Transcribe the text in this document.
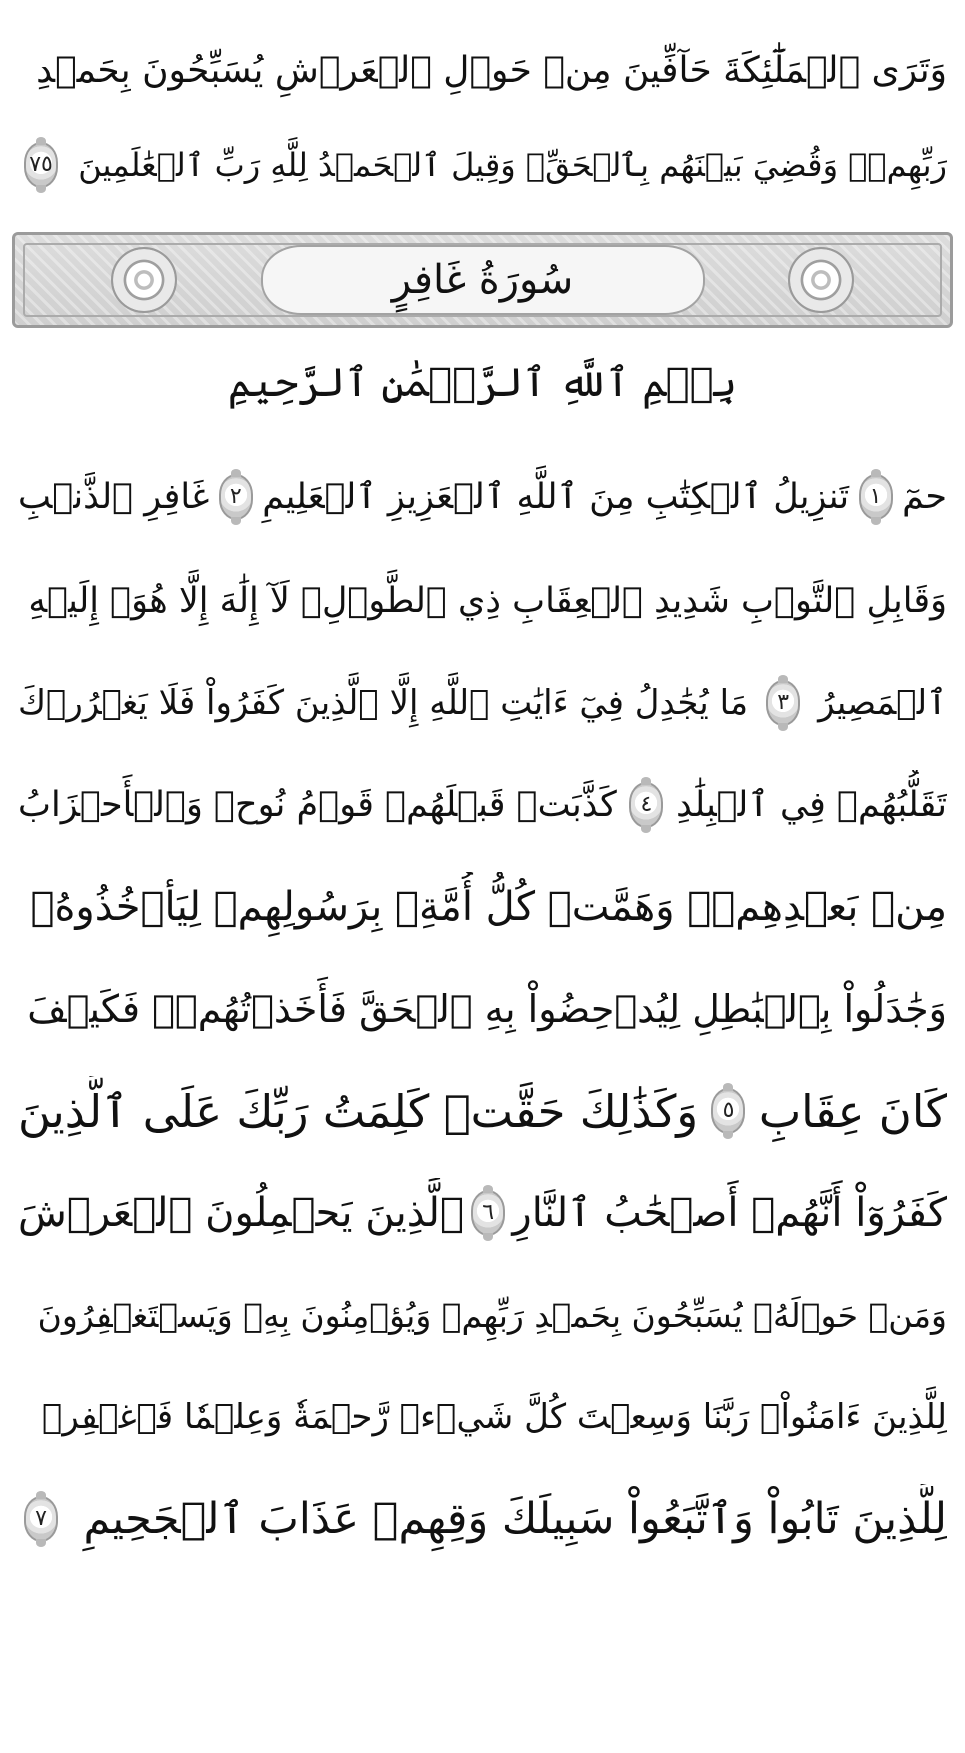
وَتَرَى ٱلۡمَلَٰٓئِكَةَ حَآفِّينَ مِنۡ حَوۡلِ ٱلۡعَرۡشِ يُسَبِّحُونَ بِحَمۡدِ
رَبِّهِمۡۚ وَقُضِيَ بَيۡنَهُم بِٱلۡحَقِّۚ وَقِيلَ ٱلۡحَمۡدُ لِلَّهِ رَبِّ ٱلۡعَٰلَمِينَ
٧٥
سُورَةُ غَافِرٍ
بِسۡمِ ٱللَّهِ ٱلرَّحۡمَٰنِ ٱلرَّحِيمِ
حمٓ
١
تَنزِيلُ ٱلۡكِتَٰبِ مِنَ ٱللَّهِ ٱلۡعَزِيزِ ٱلۡعَلِيمِ
٢
غَافِرِ ٱلذَّنۢبِ
وَقَابِلِ ٱلتَّوۡبِ شَدِيدِ ٱلۡعِقَابِ ذِي ٱلطَّوۡلِۖ لَآ إِلَٰهَ إِلَّا هُوَۖ إِلَيۡهِ
ٱلۡمَصِيرُ
٣
مَا يُجَٰدِلُ فِيٓ ءَايَٰتِ ٱللَّهِ إِلَّا ٱلَّذِينَ كَفَرُواْ فَلَا يَغۡرُرۡكَ
تَقَلُّبُهُمۡ فِي ٱلۡبِلَٰدِ
٤
كَذَّبَتۡ قَبۡلَهُمۡ قَوۡمُ نُوحٖ وَٱلۡأَحۡزَابُ
مِنۢ بَعۡدِهِمۡۖ وَهَمَّتۡ كُلُّ أُمَّةِۭ بِرَسُولِهِمۡ لِيَأۡخُذُوهُۖ
وَجَٰدَلُواْ بِٱلۡبَٰطِلِ لِيُدۡحِضُواْ بِهِ ٱلۡحَقَّ فَأَخَذۡتُهُمۡۖ فَكَيۡفَ
كَانَ عِقَابِ
٥
وَكَذَٰلِكَ حَقَّتۡ كَلِمَتُ رَبِّكَ عَلَى ٱلَّذِينَ
كَفَرُوٓاْ أَنَّهُمۡ أَصۡحَٰبُ ٱلنَّارِ
٦
ٱلَّذِينَ يَحۡمِلُونَ ٱلۡعَرۡشَ
وَمَنۡ حَوۡلَهُۥ يُسَبِّحُونَ بِحَمۡدِ رَبِّهِمۡ وَيُؤۡمِنُونَ بِهِۦ وَيَسۡتَغۡفِرُونَ
لِلَّذِينَ ءَامَنُواْۖ رَبَّنَا وَسِعۡتَ كُلَّ شَيۡءٖ رَّحۡمَةٗ وَعِلۡمٗا فَٱغۡفِرۡ
لِلَّذِينَ تَابُواْ وَٱتَّبَعُواْ سَبِيلَكَ وَقِهِمۡ عَذَابَ ٱلۡجَحِيمِ
٧
